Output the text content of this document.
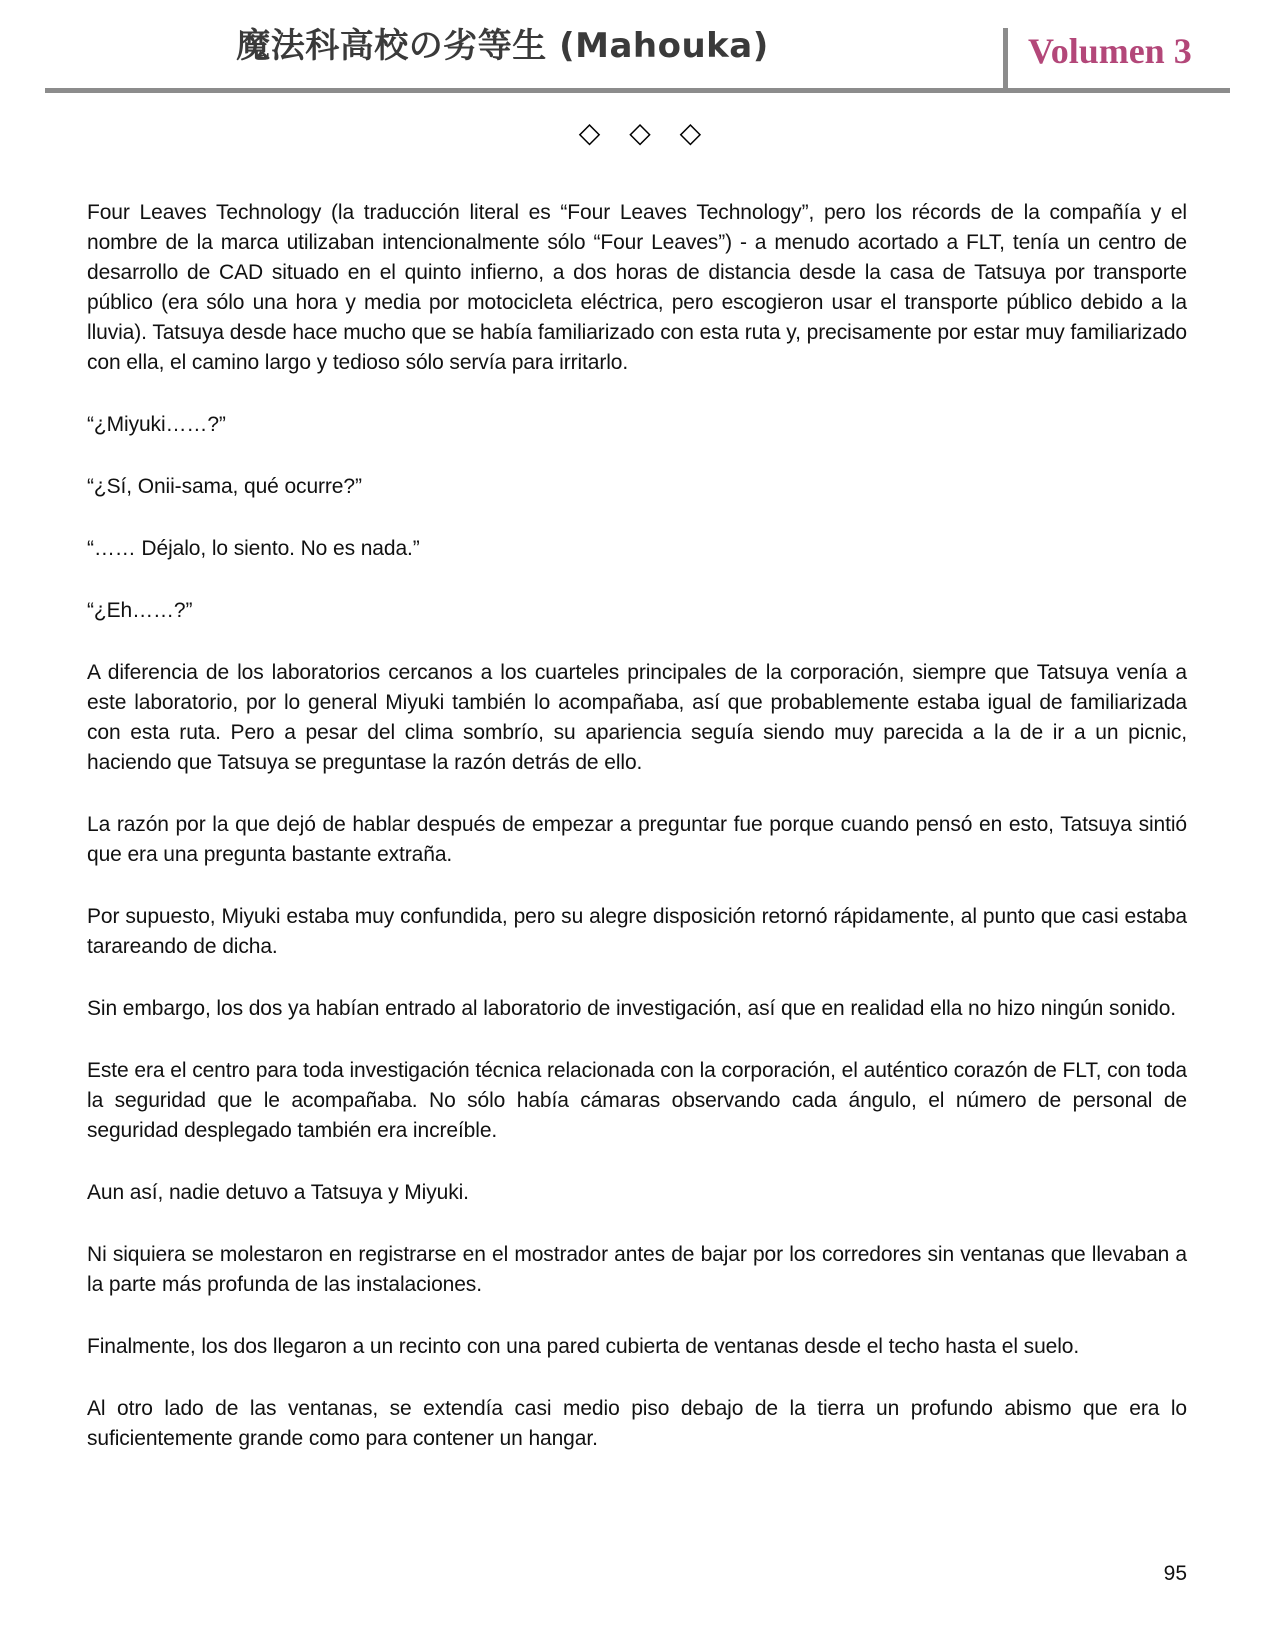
魔法科高校の劣等生 (Mahouka)	Volumen 3
◇ ◇ ◇

Four Leaves Technology (la traducción literal es “Four Leaves Technology”, pero los récords de la compañía y el nombre de la marca utilizaban intencionalmente sólo “Four Leaves”) - a menudo acortado a FLT, tenía un centro de desarrollo de CAD situado en el quinto infierno, a dos horas de distancia desde la casa de Tatsuya por transporte público (era sólo una hora y media por motocicleta eléctrica, pero escogieron usar el transporte público debido a la lluvia). Tatsuya desde hace mucho que se había familiarizado con esta ruta y, precisamente por estar muy familiarizado con ella, el camino largo y tedioso sólo servía para irritarlo.

“¿Miyuki……?”

“¿Sí, Onii-sama, qué ocurre?”

“…… Déjalo, lo siento. No es nada.”

“¿Eh……?”

A diferencia de los laboratorios cercanos a los cuarteles principales de la corporación, siempre que Tatsuya venía a este laboratorio, por lo general Miyuki también lo acompañaba, así que probablemente estaba igual de familiarizada con esta ruta. Pero a pesar del clima sombrío, su apariencia seguía siendo muy parecida a la de ir a un picnic, haciendo que Tatsuya se preguntase la razón detrás de ello.

La razón por la que dejó de hablar después de empezar a preguntar fue porque cuando pensó en esto, Tatsuya sintió que era una pregunta bastante extraña.

Por supuesto, Miyuki estaba muy confundida, pero su alegre disposición retornó rápidamente, al punto que casi estaba tarareando de dicha.

Sin embargo, los dos ya habían entrado al laboratorio de investigación, así que en realidad ella no hizo ningún sonido.

Este era el centro para toda investigación técnica relacionada con la corporación, el auténtico corazón de FLT, con toda la seguridad que le acompañaba. No sólo había cámaras observando cada ángulo, el número de personal de seguridad desplegado también era increíble.

Aun así, nadie detuvo a Tatsuya y Miyuki.

Ni siquiera se molestaron en registrarse en el mostrador antes de bajar por los corredores sin ventanas que llevaban a la parte más profunda de las instalaciones.

Finalmente, los dos llegaron a un recinto con una pared cubierta de ventanas desde el techo hasta el suelo.

Al otro lado de las ventanas, se extendía casi medio piso debajo de la tierra un profundo abismo que era lo suficientemente grande como para contener un hangar.

95
